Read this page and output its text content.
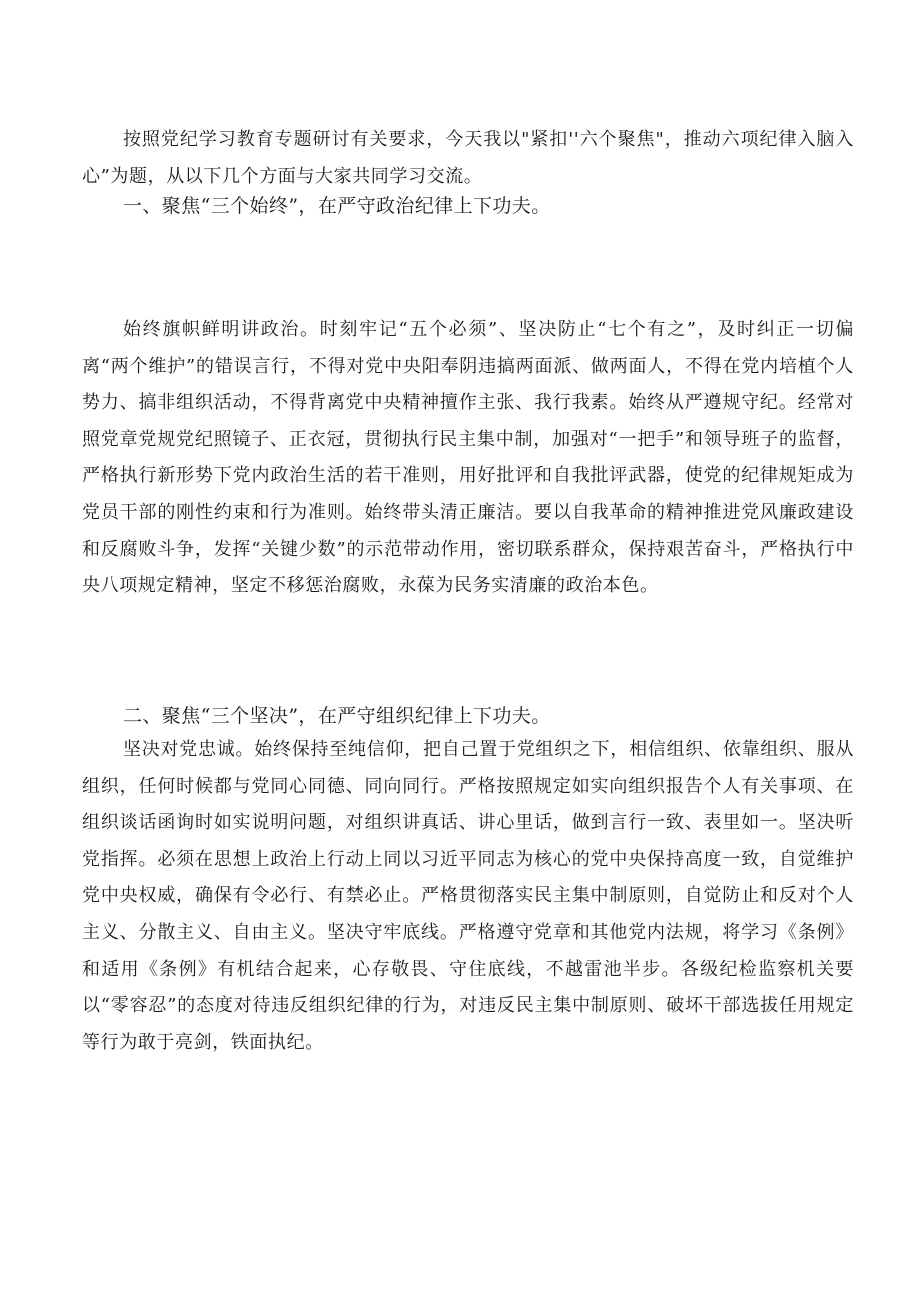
按照党纪学习教育专题研讨有关要求，今天我以"紧扣''六个聚焦"，推动六项纪律入脑入心”为题，从以下几个方面与大家共同学习交流。

一、聚焦“三个始终”，在严守政治纪律上下功夫。

始终旗帜鲜明讲政治。时刻牢记“五个必须”、坚决防止“七个有之”，及时纠正一切偏离“两个维护”的错误言行，不得对党中央阳奉阴违搞两面派、做两面人，不得在党内培植个人势力、搞非组织活动，不得背离党中央精神擅作主张、我行我素。始终从严遵规守纪。经常对照党章党规党纪照镜子、正衣冠，贯彻执行民主集中制，加强对“一把手”和领导班子的监督，严格执行新形势下党内政治生活的若干准则，用好批评和自我批评武器，使党的纪律规矩成为党员干部的刚性约束和行为准则。始终带头清正廉洁。要以自我革命的精神推进党风廉政建设和反腐败斗争，发挥“关键少数”的示范带动作用，密切联系群众，保持艰苦奋斗，严格执行中央八项规定精神，坚定不移惩治腐败，永葆为民务实清廉的政治本色。

二、聚焦“三个坚决”，在严守组织纪律上下功夫。

坚决对党忠诚。始终保持至纯信仰，把自己置于党组织之下，相信组织、依靠组织、服从组织，任何时候都与党同心同德、同向同行。严格按照规定如实向组织报告个人有关事项、在组织谈话函询时如实说明问题，对组织讲真话、讲心里话，做到言行一致、表里如一。坚决听党指挥。必须在思想上政治上行动上同以习近平同志为核心的党中央保持高度一致，自觉维护党中央权威，确保有令必行、有禁必止。严格贯彻落实民主集中制原则，自觉防止和反对个人主义、分散主义、自由主义。坚决守牢底线。严格遵守党章和其他党内法规，将学习《条例》和适用《条例》有机结合起来，心存敬畏、守住底线，不越雷池半步。各级纪检监察机关要以“零容忍”的态度对待违反组织纪律的行为，对违反民主集中制原则、破坏干部选拔任用规定等行为敢于亮剑，铁面执纪。
